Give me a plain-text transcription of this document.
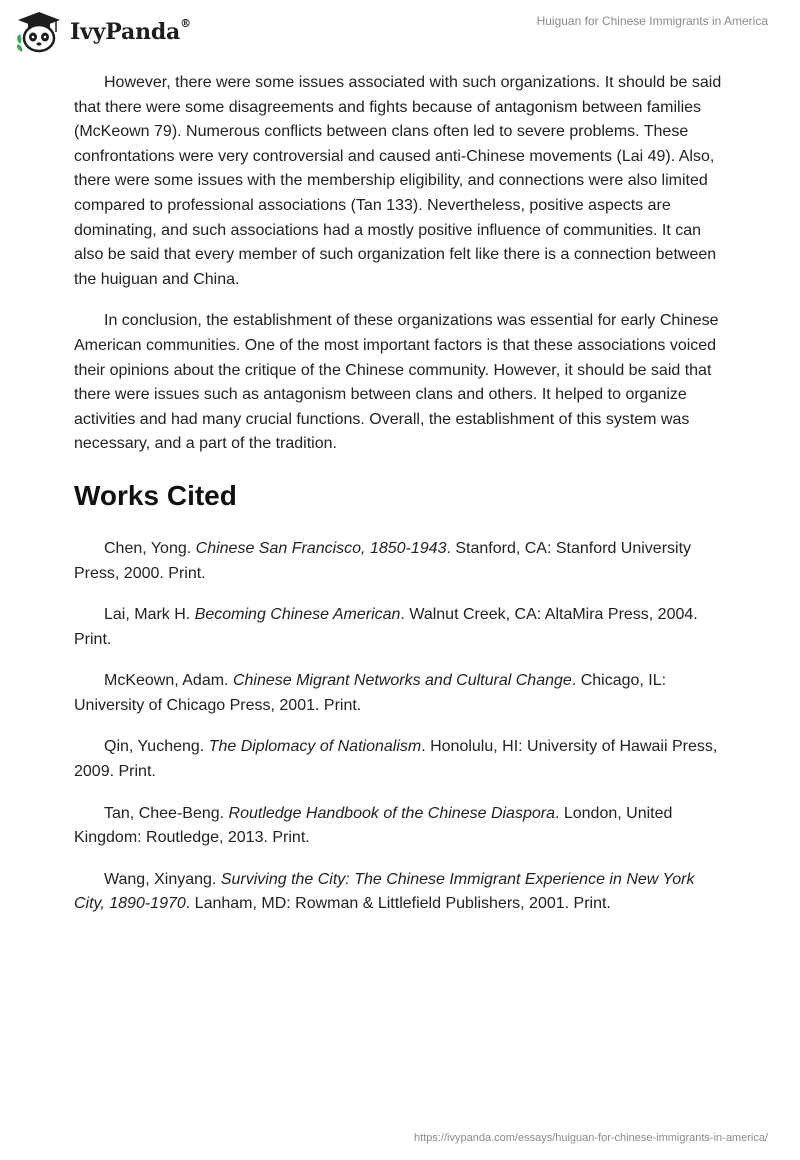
IvyPanda®	Huiguan for Chinese Immigrants in America

However, there were some issues associated with such organizations. It should be said that there were some disagreements and fights because of antagonism between families (McKeown 79). Numerous conflicts between clans often led to severe problems. These confrontations were very controversial and caused anti-Chinese movements (Lai 49). Also, there were some issues with the membership eligibility, and connections were also limited compared to professional associations (Tan 133). Nevertheless, positive aspects are dominating, and such associations had a mostly positive influence of communities. It can also be said that every member of such organization felt like there is a connection between the huiguan and China.

In conclusion, the establishment of these organizations was essential for early Chinese American communities. One of the most important factors is that these associations voiced their opinions about the critique of the Chinese community. However, it should be said that there were issues such as antagonism between clans and others. It helped to organize activities and had many crucial functions. Overall, the establishment of this system was necessary, and a part of the tradition.

Works Cited

Chen, Yong. Chinese San Francisco, 1850-1943. Stanford, CA: Stanford University Press, 2000. Print.

Lai, Mark H. Becoming Chinese American. Walnut Creek, CA: AltaMira Press, 2004. Print.

McKeown, Adam. Chinese Migrant Networks and Cultural Change. Chicago, IL: University of Chicago Press, 2001. Print.

Qin, Yucheng. The Diplomacy of Nationalism. Honolulu, HI: University of Hawaii Press, 2009. Print.

Tan, Chee-Beng. Routledge Handbook of the Chinese Diaspora. London, United Kingdom: Routledge, 2013. Print.

Wang, Xinyang. Surviving the City: The Chinese Immigrant Experience in New York City, 1890-1970. Lanham, MD: Rowman & Littlefield Publishers, 2001. Print.

https://ivypanda.com/essays/huiguan-for-chinese-immigrants-in-america/
